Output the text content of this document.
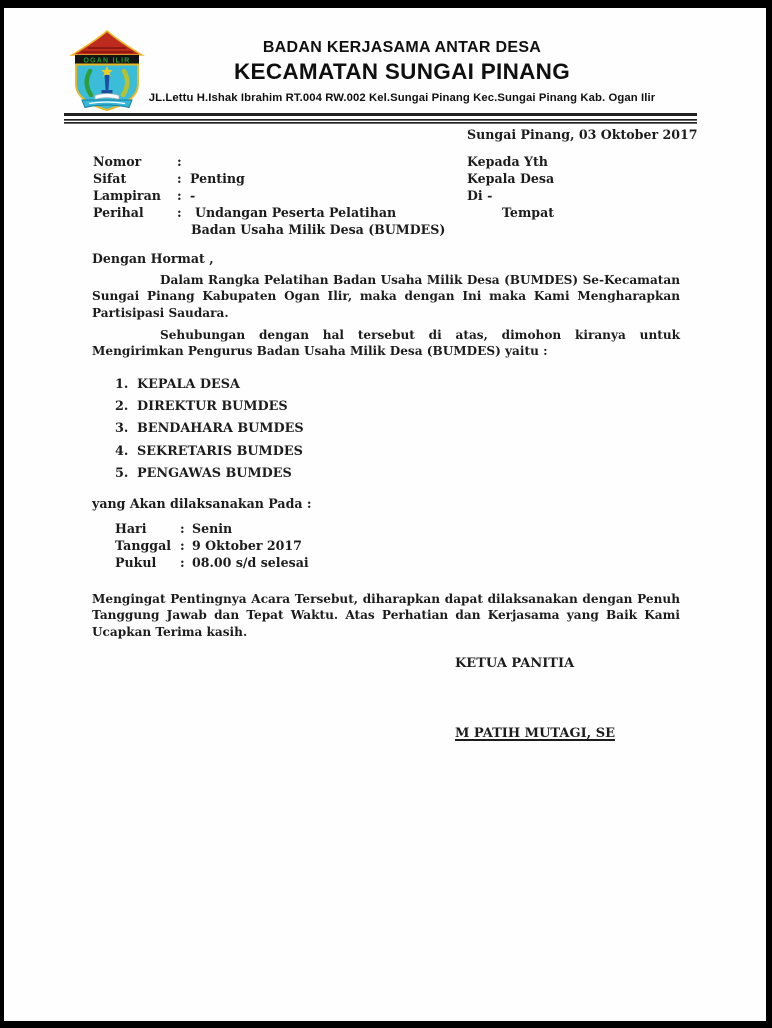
OGAN ILIR
BADAN KERJASAMA ANTAR DESA
KECAMATAN SUNGAI PINANG
JL.Lettu H.Ishak Ibrahim RT.004 RW.002 Kel.Sungai Pinang Kec.Sungai Pinang Kab. Ogan Ilir
Sungai Pinang, 03 Oktober 2017
Nomor	:
Sifat	: Penting
Lampiran : -
Perihal	: Undangan Peserta Pelatihan
Badan Usaha Milik Desa (BUMDES)
Kepada Yth
Kepala Desa
Di -
Tempat
Dengan Hormat ,
Dalam Rangka Pelatihan Badan Usaha Milik Desa (BUMDES) Se-Kecamatan Sungai Pinang Kabupaten Ogan Ilir, maka dengan Ini maka Kami Mengharapkan Partisipasi Saudara.
Sehubungan dengan hal tersebut di atas, dimohon kiranya untuk Mengirimkan Pengurus Badan Usaha Milik Desa (BUMDES) yaitu :
1. KEPALA DESA
2. DIREKTUR BUMDES
3. BENDAHARA BUMDES
4. SEKRETARIS BUMDES
5. PENGAWAS BUMDES
yang Akan dilaksanakan Pada :
Hari	: Senin
Tanggal : 9 Oktober 2017
Pukul : 08.00 s/d selesai
Mengingat Pentingnya Acara Tersebut, diharapkan dapat dilaksanakan dengan Penuh Tanggung Jawab dan Tepat Waktu. Atas Perhatian dan Kerjasama yang Baik Kami Ucapkan Terima kasih.
KETUA PANITIA
M PATIH MUTAGI, SE
